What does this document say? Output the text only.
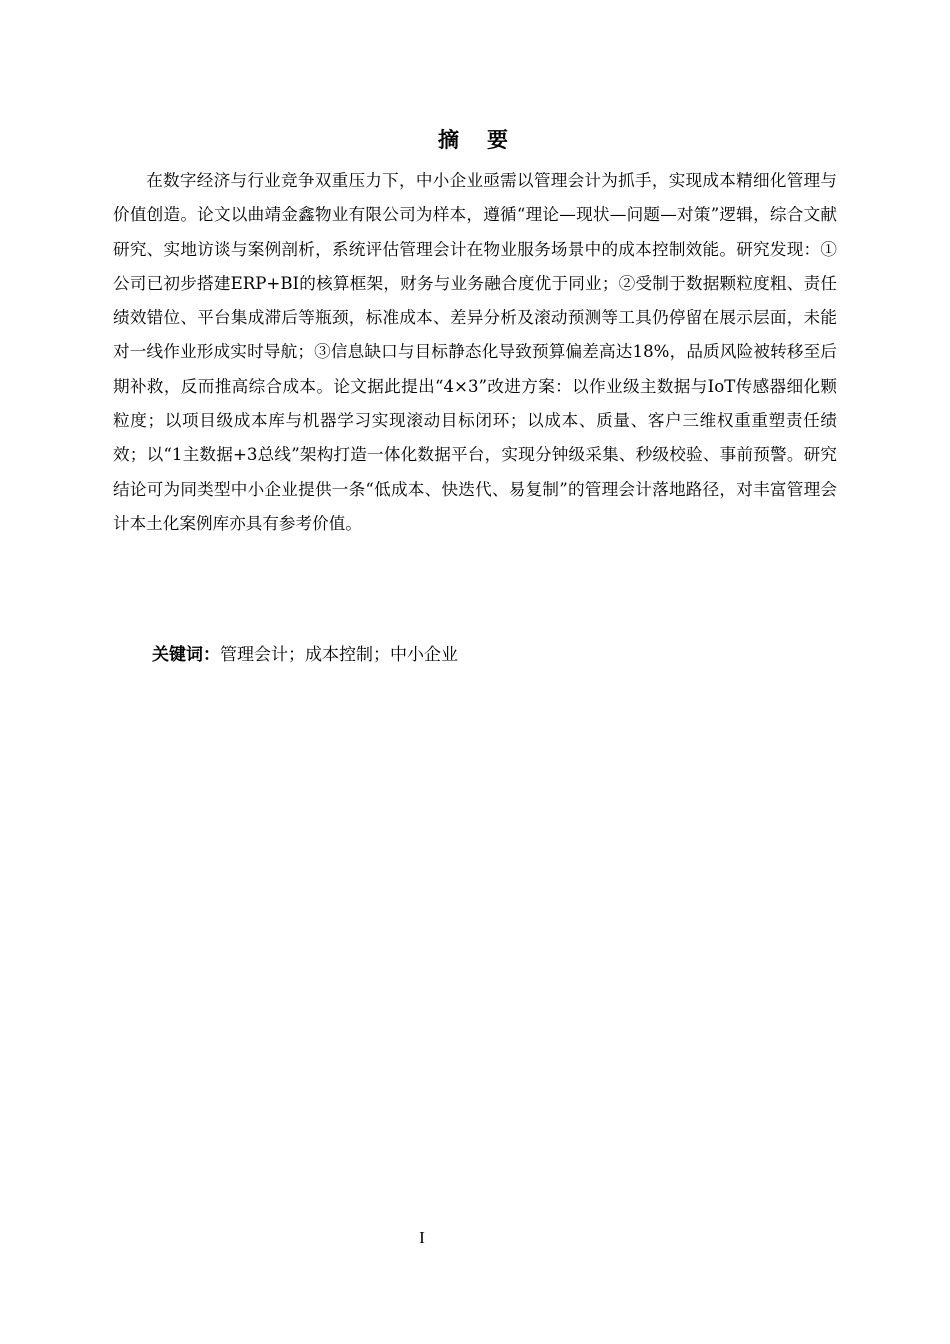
摘要

在数字经济与行业竞争双重压力下，中小企业亟需以管理会计为抓手，实现成本精细化管理与价值创造。论文以曲靖金鑫物业有限公司为样本，遵循“理论—现状—问题—对策”逻辑，综合文献研究、实地访谈与案例剖析，系统评估管理会计在物业服务场景中的成本控制效能。研究发现：①公司已初步搭建ERP+BI的核算框架，财务与业务融合度优于同业；②受制于数据颗粒度粗、责任绩效错位、平台集成滞后等瓶颈，标准成本、差异分析及滚动预测等工具仍停留在展示层面，未能对一线作业形成实时导航；③信息缺口与目标静态化导致预算偏差高达18%，品质风险被转移至后期补救，反而推高综合成本。论文据此提出“4×3”改进方案：以作业级主数据与IoT传感器细化颗粒度；以项目级成本库与机器学习实现滚动目标闭环；以成本、质量、客户三维权重重塑责任绩效；以“1主数据+3总线”架构打造一体化数据平台，实现分钟级采集、秒级校验、事前预警。研究结论可为同类型中小企业提供一条“低成本、快迭代、易复制”的管理会计落地路径，对丰富管理会计本土化案例库亦具有参考价值。

关键词：管理会计；成本控制；中小企业
I
